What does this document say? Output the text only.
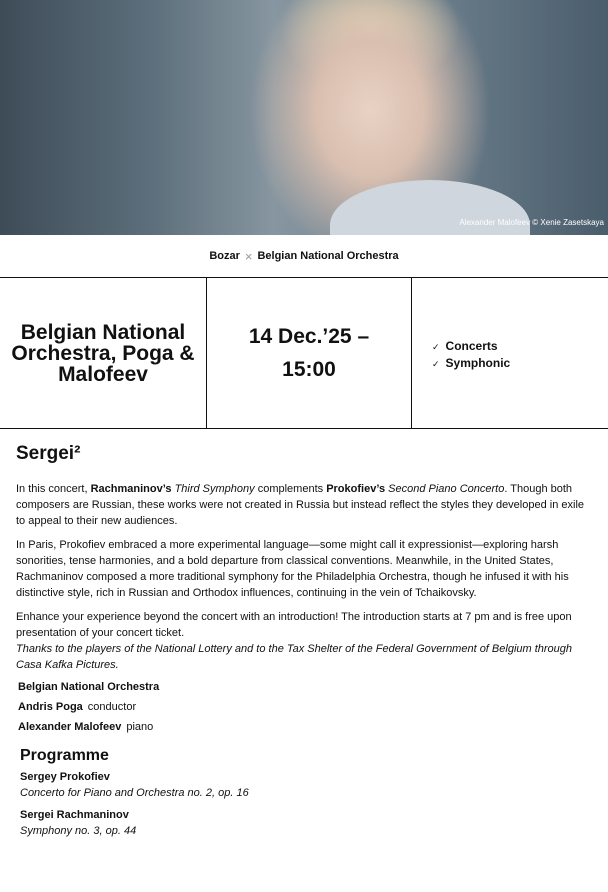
Alexander Malofeev © Xenie Zasetskaya
Bozar × Belgian National Orchestra
Belgian National Orchestra, Poga & Malofeev
14 Dec.’25 –
15:00
✓ Concerts
✓ Symphonic
Sergei²

In this concert, Rachmaninov’s Third Symphony complements Prokofiev’s Second Piano Concerto. Though both composers are Russian, these works were not created in Russia but instead reflect the styles they developed in exile to appeal to their new audiences.

In Paris, Prokofiev embraced a more experimental language—some might call it expressionist—exploring harsh sonorities, tense harmonies, and a bold departure from classical conventions. Meanwhile, in the United States, Rachmaninov composed a more traditional symphony for the Philadelphia Orchestra, though he infused it with his distinctive style, rich in Russian and Orthodox influences, continuing in the vein of Tchaikovsky.

Enhance your experience beyond the concert with an introduction! The introduction starts at 7 pm and is free upon presentation of your concert ticket.
Thanks to the players of the National Lottery and to the Tax Shelter of the Federal Government of Belgium through Casa Kafka Pictures.

Belgian National Orchestra
Andris Poga conductor
Alexander Malofeev piano
Programme
Sergey Prokofiev
Concerto for Piano and Orchestra no. 2, op. 16
Sergei Rachmaninov
Symphony no. 3, op. 44
